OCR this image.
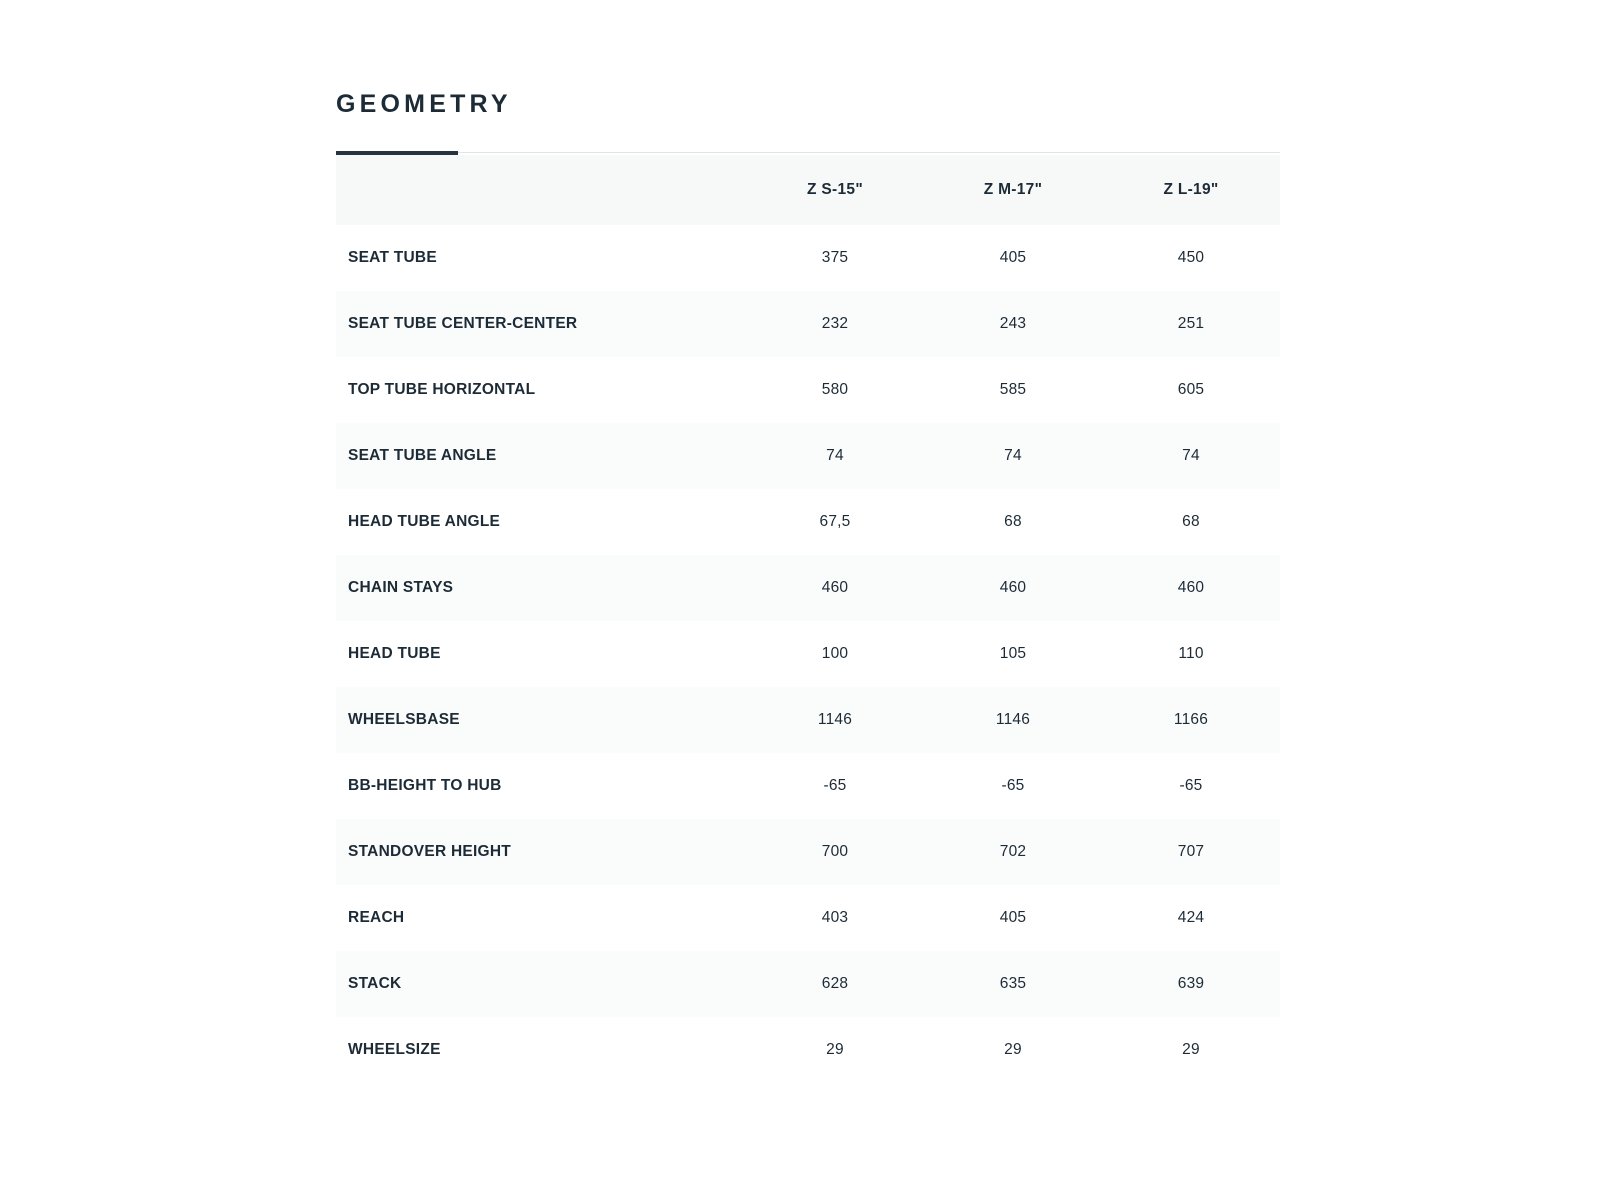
GEOMETRY
	Z S-15"	Z M-17"	Z L-19"
SEAT TUBE	375	405	450
SEAT TUBE CENTER-CENTER	232	243	251
TOP TUBE HORIZONTAL	580	585	605
SEAT TUBE ANGLE	74	74	74
HEAD TUBE ANGLE	67,5	68	68
CHAIN STAYS	460	460	460
HEAD TUBE	100	105	110
WHEELSBASE	1146	1146	1166
BB-HEIGHT TO HUB	-65	-65	-65
STANDOVER HEIGHT	700	702	707
REACH	403	405	424
STACK	628	635	639
WHEELSIZE	29	29	29
